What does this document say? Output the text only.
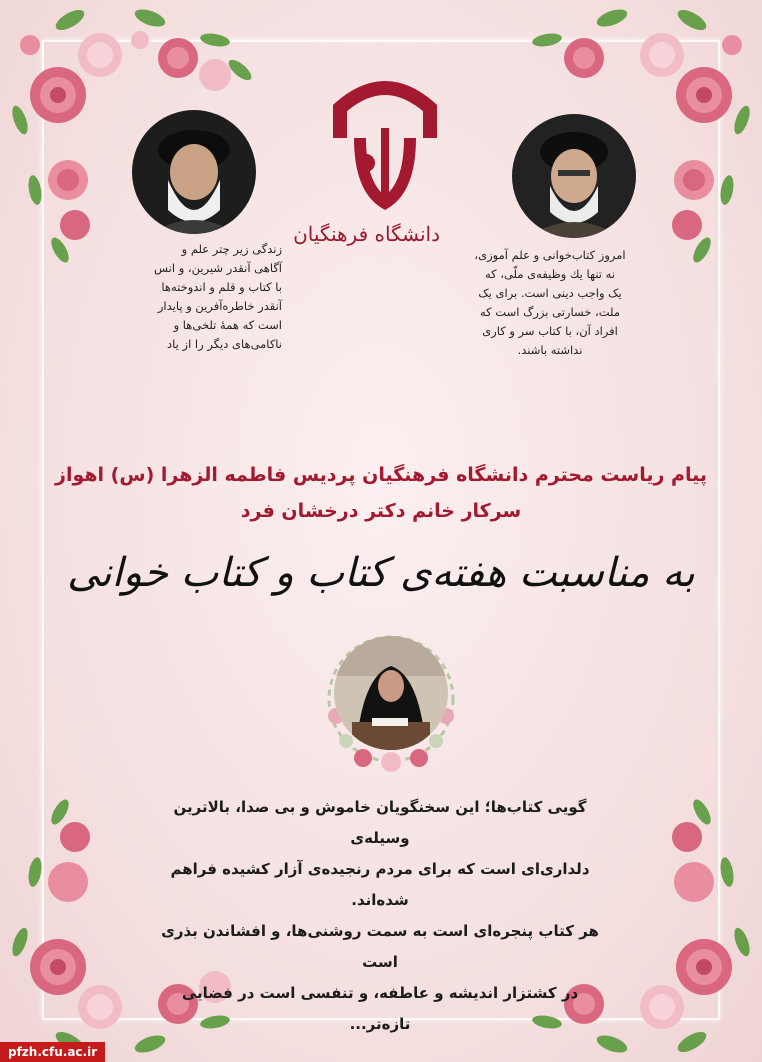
زندگی زیر چتر علم و
آگاهی آنقدر شیرین، و انس
با کتاب و قلم و اندوخته‌ها
آنقدر خاطره‌آفرین و پایدار
است که همهٔ تلخی‌ها و
ناکامی‌های دیگر را از یاد
امروز کتاب‌خوانی و علم آموزی،
نه تنها یك وظیفه‌ی ملّی، که
یک واجب دینی است. برای یک
ملت، خسارتی بزرگ است که
افراد آن، با کتاب سر و کاری
نداشته باشند.
دانشگاه فرهنگیان
پیام ریاست محترم دانشگاه فرهنگیان پردیس فاطمه الزهرا (س) اهواز
سرکار خانم دکتر درخشان فرد
به مناسبت هفته‌ی کتاب و کتاب خوانی
گویی کتاب‌ها؛ این سخنگویان خاموش و بی صدا، بالاترین وسیله‌ی
دلداری‌ای است که برای مردم رنجیده‌ی آزار کشیده فراهم شده‌اند.
هر کتاب پنجره‌ای است به سمت روشنی‌ها، و افشاندن بذری است
در کشتزار اندیشه و عاطفه، و تنفسی است در فضایی تازه‌تر...
pfzh.cfu.ac.ir
